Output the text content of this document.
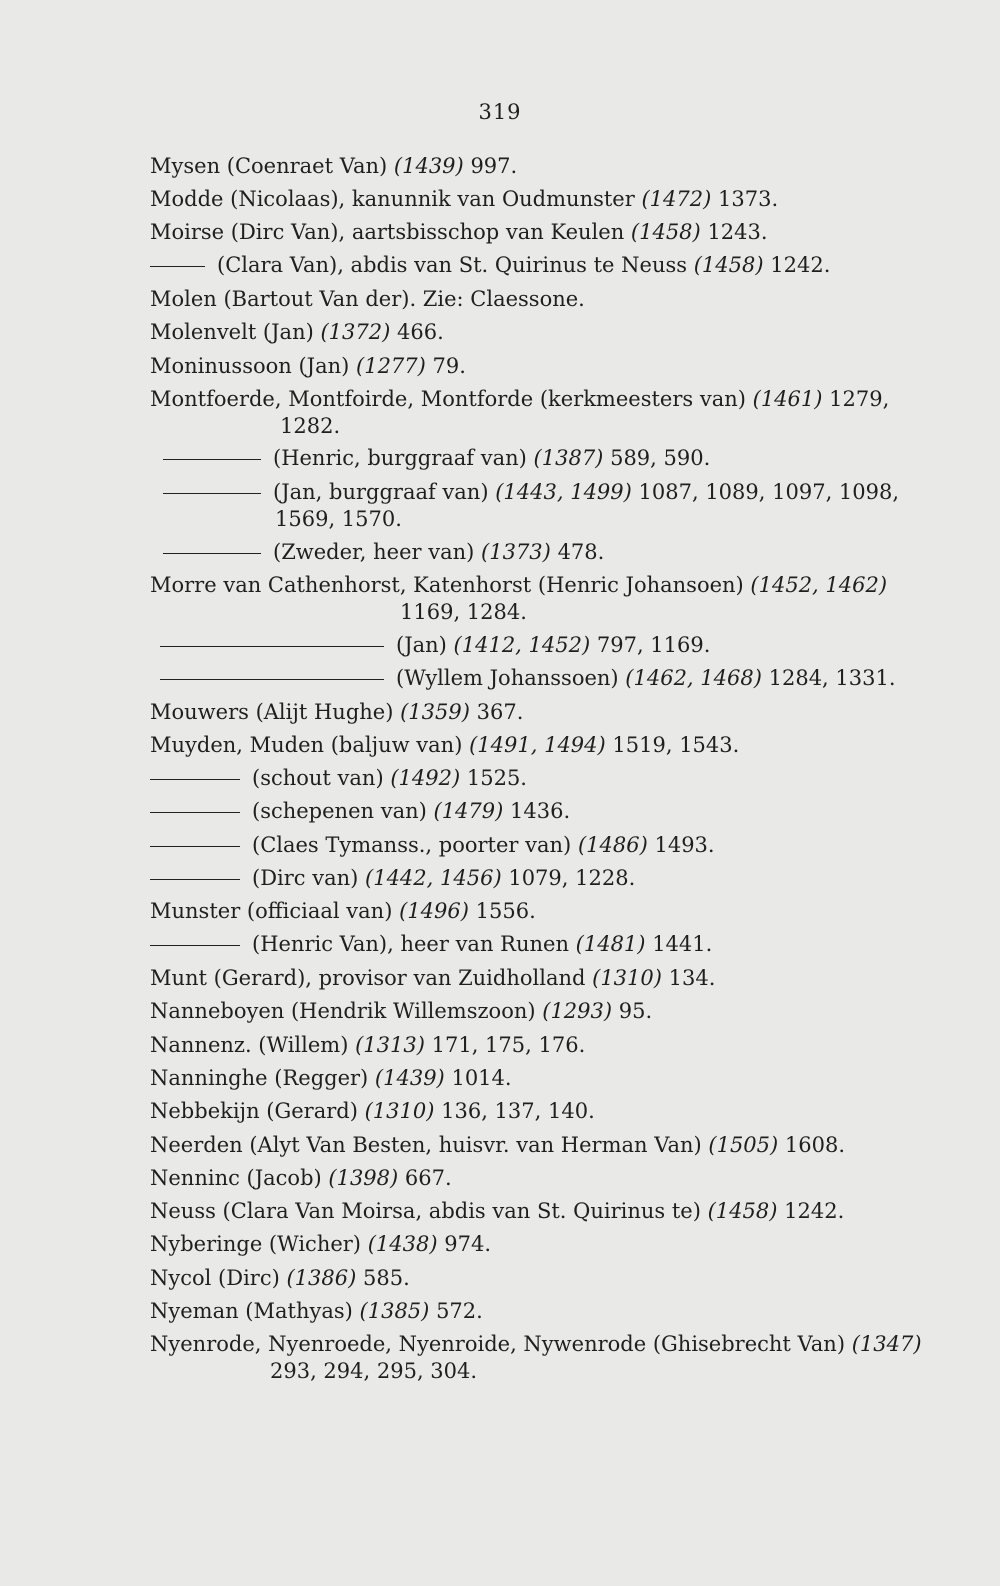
319
Mysen (Coenraet Van) (1439) 997.
Modde (Nicolaas), kanunnik van Oudmunster (1472) 1373.
Moirse (Dirc Van), aartsbisschop van Keulen (1458) 1243.
(Clara Van), abdis van St. Quirinus te Neuss (1458) 1242.
Molen (Bartout Van der). Zie: Claessone.
Molenvelt (Jan) (1372) 466.
Moninussoon (Jan) (1277) 79.
Montfoerde, Montfoirde, Montforde (kerkmeesters van) (1461) 1279,
1282.
(Henric, burggraaf van) (1387) 589, 590.
(Jan, burggraaf van) (1443, 1499) 1087, 1089, 1097, 1098,
1569, 1570.
(Zweder, heer van) (1373) 478.
Morre van Cathenhorst, Katenhorst (Henric Johansoen) (1452, 1462)
1169, 1284.
(Jan) (1412, 1452) 797, 1169.
(Wyllem Johanssoen) (1462, 1468) 1284, 1331.
Mouwers (Alijt Hughe) (1359) 367.
Muyden, Muden (baljuw van) (1491, 1494) 1519, 1543.
(schout van) (1492) 1525.
(schepenen van) (1479) 1436.
(Claes Tymanss., poorter van) (1486) 1493.
(Dirc van) (1442, 1456) 1079, 1228.
Munster (officiaal van) (1496) 1556.
(Henric Van), heer van Runen (1481) 1441.
Munt (Gerard), provisor van Zuidholland (1310) 134.
Nanneboyen (Hendrik Willemszoon) (1293) 95.
Nannenz. (Willem) (1313) 171, 175, 176.
Nanninghe (Regger) (1439) 1014.
Nebbekijn (Gerard) (1310) 136, 137, 140.
Neerden (Alyt Van Besten, huisvr. van Herman Van) (1505) 1608.
Nenninc (Jacob) (1398) 667.
Neuss (Clara Van Moirsa, abdis van St. Quirinus te) (1458) 1242.
Nyberinge (Wicher) (1438) 974.
Nycol (Dirc) (1386) 585.
Nyeman (Mathyas) (1385) 572.
Nyenrode, Nyenroede, Nyenroide, Nywenrode (Ghisebrecht Van) (1347)
293, 294, 295, 304.
